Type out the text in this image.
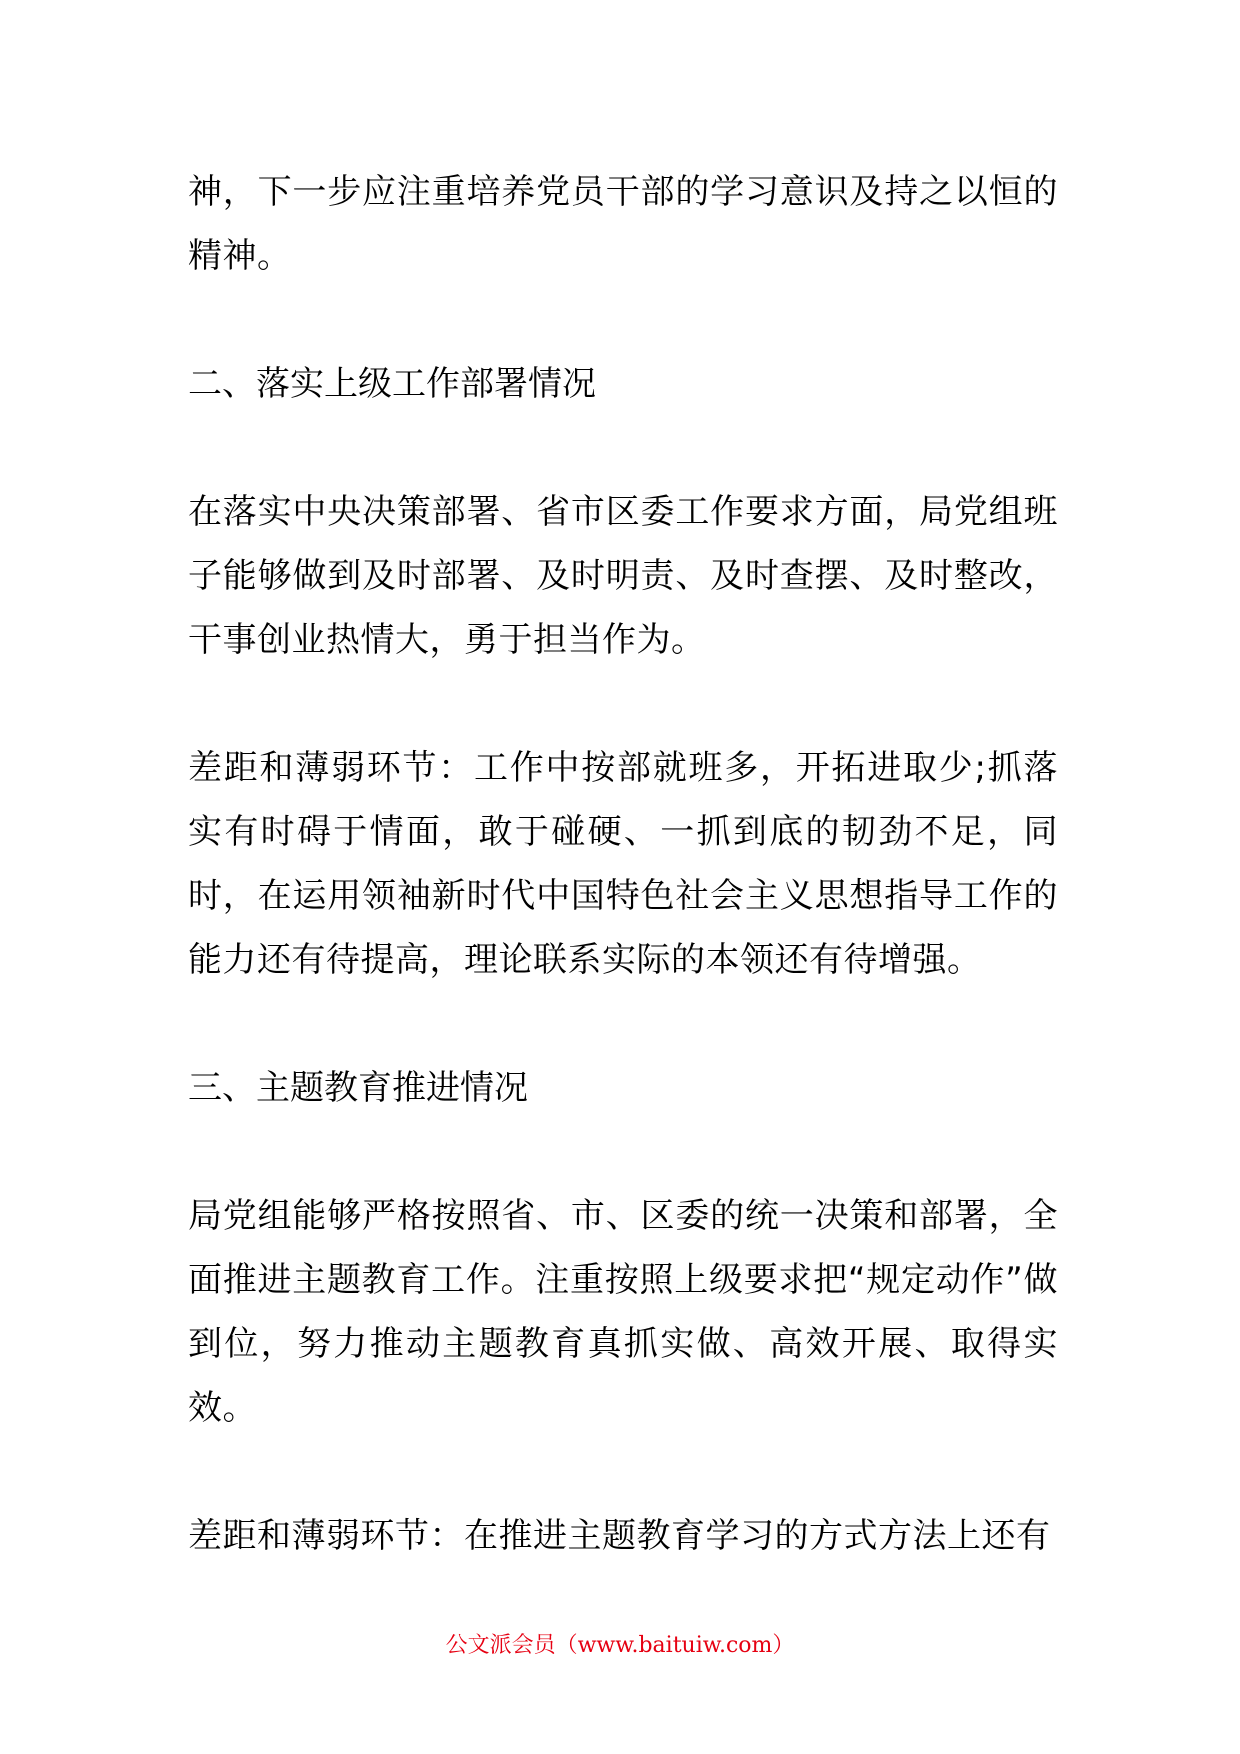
神，下一步应注重培养党员干部的学习意识及持之以恒的精神。

二、落实上级工作部署情况

在落实中央决策部署、省市区委工作要求方面，局党组班子能够做到及时部署、及时明责、及时查摆、及时整改，干事创业热情大，勇于担当作为。

差距和薄弱环节：工作中按部就班多，开拓进取少;抓落实有时碍于情面，敢于碰硬、一抓到底的韧劲不足，同时，在运用领袖新时代中国特色社会主义思想指导工作的能力还有待提高，理论联系实际的本领还有待增强。

三、主题教育推进情况

局党组能够严格按照省、市、区委的统一决策和部署，全面推进主题教育工作。注重按照上级要求把“规定动作”做到位，努力推动主题教育真抓实做、高效开展、取得实效。

差距和薄弱环节：在推进主题教育学习的方式方法上还有

公文派会员（www.baituiw.com）
